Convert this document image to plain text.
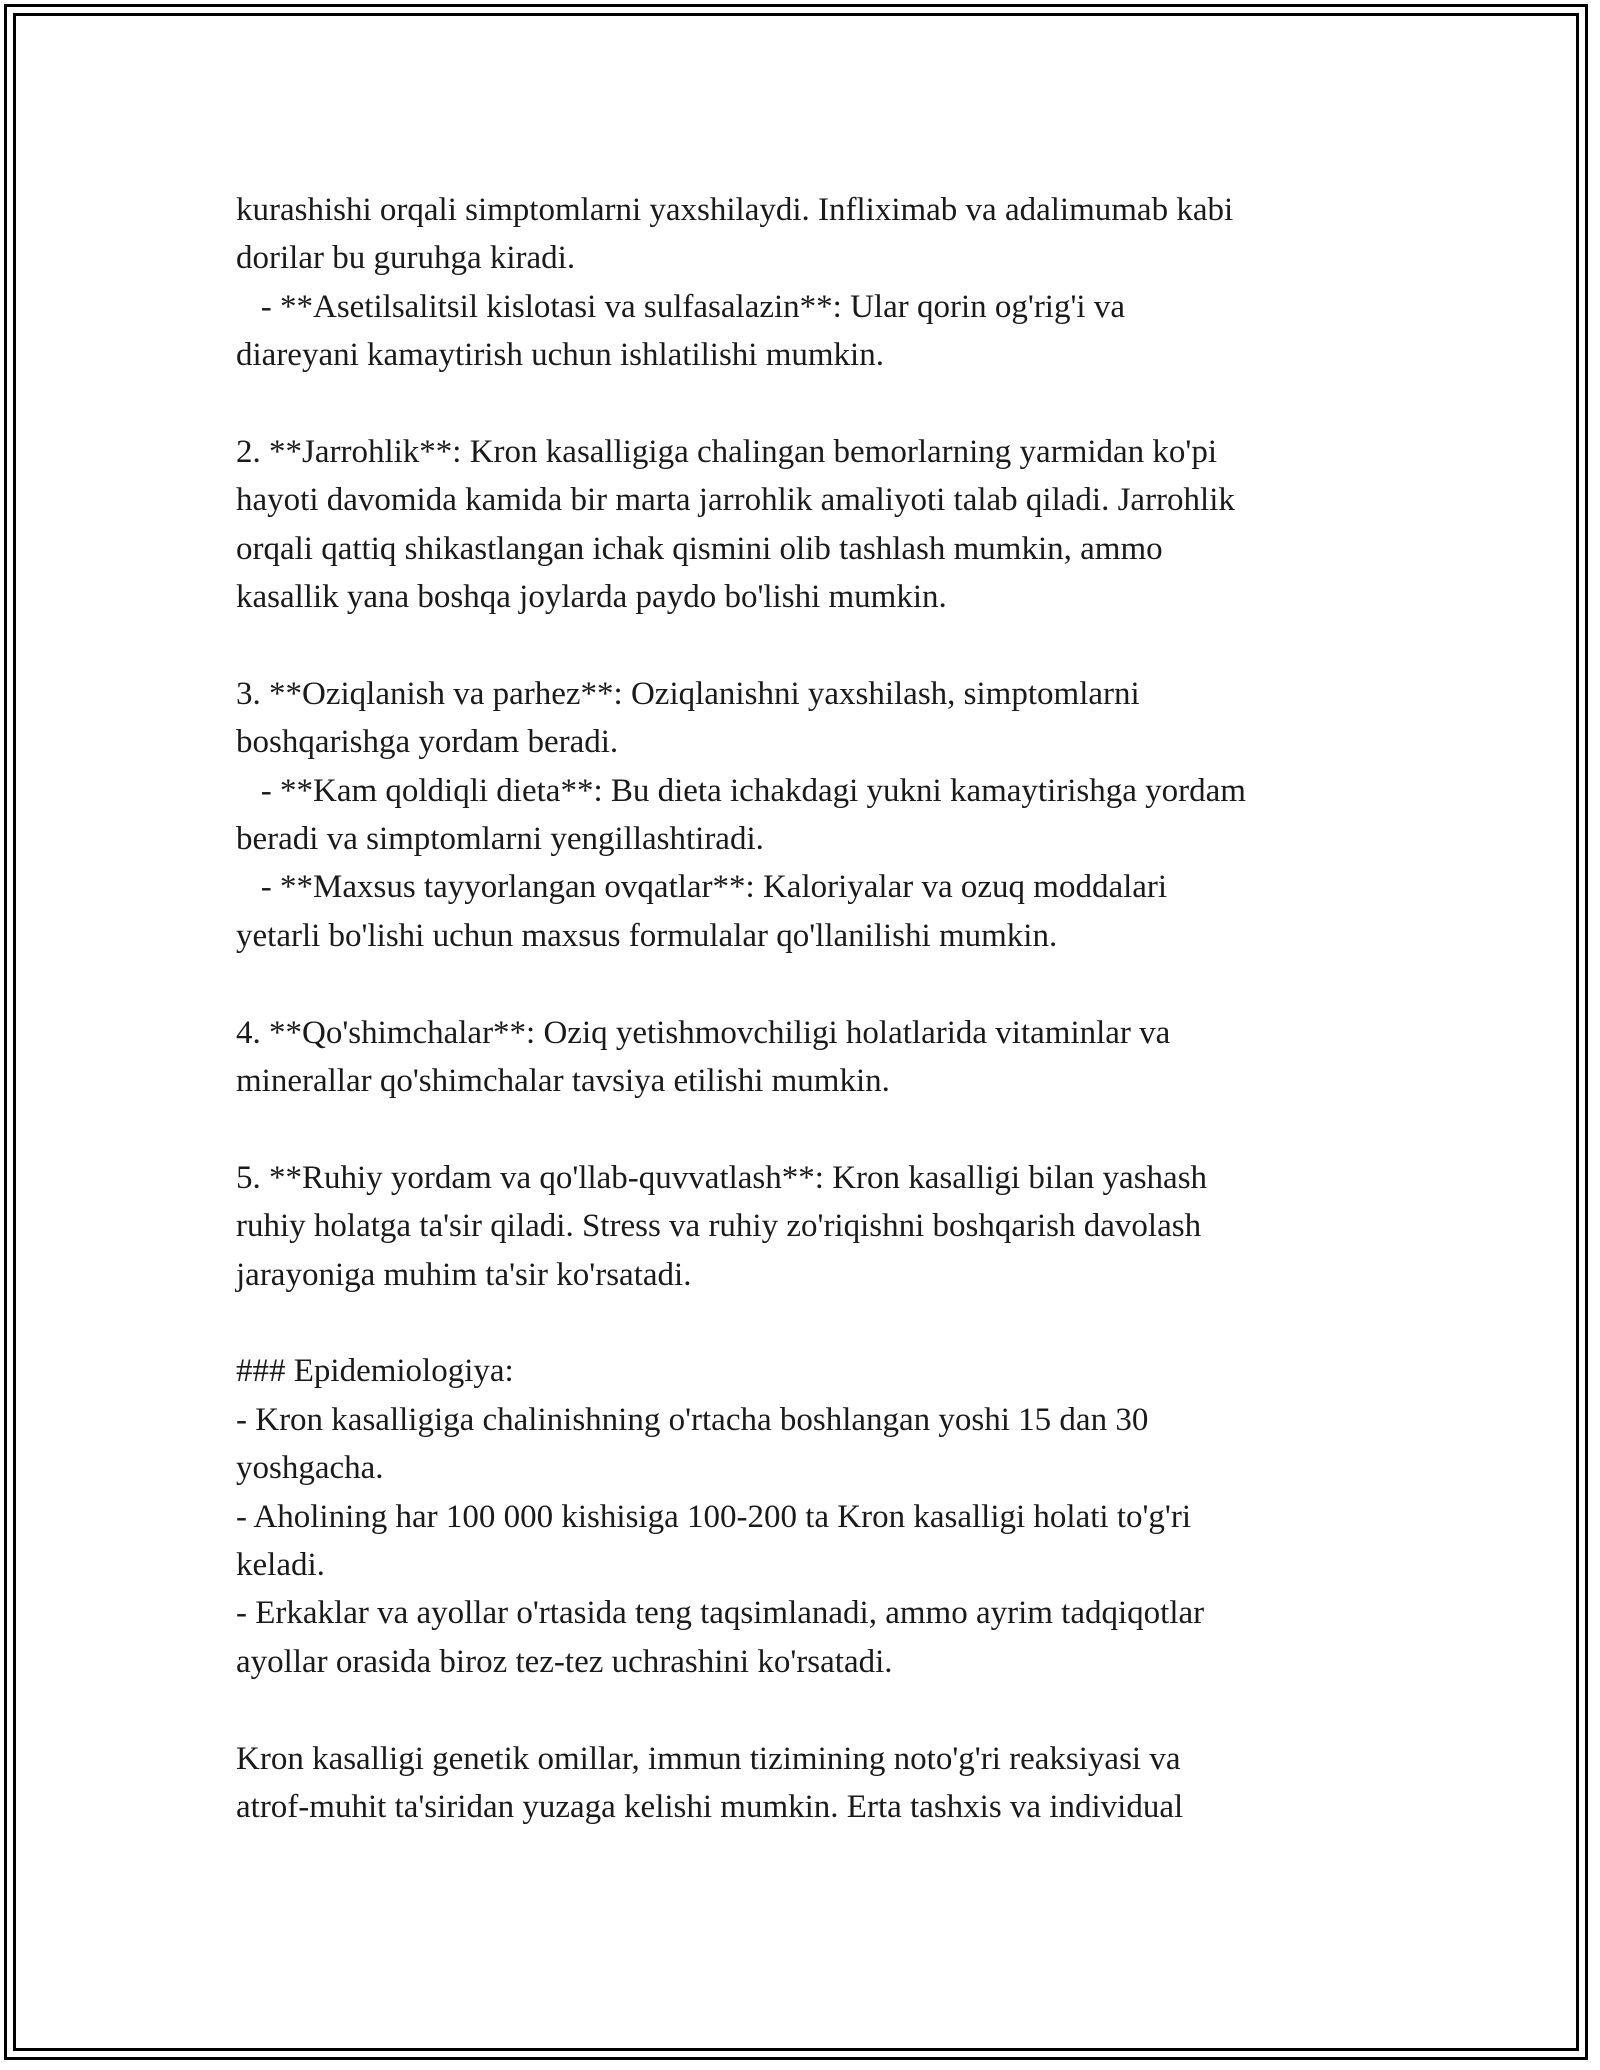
kurashishi orqali simptomlarni yaxshilaydi. Infliximab va adalimumab kabi
dorilar bu guruhga kiradi.
- **Asetilsalitsil kislotasi va sulfasalazin**: Ular qorin og'rig'i va
diareyani kamaytirish uchun ishlatilishi mumkin.
2. **Jarrohlik**: Kron kasalligiga chalingan bemorlarning yarmidan ko'pi
hayoti davomida kamida bir marta jarrohlik amaliyoti talab qiladi. Jarrohlik
orqali qattiq shikastlangan ichak qismini olib tashlash mumkin, ammo
kasallik yana boshqa joylarda paydo bo'lishi mumkin.
3. **Oziqlanish va parhez**: Oziqlanishni yaxshilash, simptomlarni
boshqarishga yordam beradi.
- **Kam qoldiqli dieta**: Bu dieta ichakdagi yukni kamaytirishga yordam
beradi va simptomlarni yengillashtiradi.
- **Maxsus tayyorlangan ovqatlar**: Kaloriyalar va ozuq moddalari
yetarli bo'lishi uchun maxsus formulalar qo'llanilishi mumkin.
4. **Qo'shimchalar**: Oziq yetishmovchiligi holatlarida vitaminlar va
minerallar qo'shimchalar tavsiya etilishi mumkin.
5. **Ruhiy yordam va qo'llab-quvvatlash**: Kron kasalligi bilan yashash
ruhiy holatga ta'sir qiladi. Stress va ruhiy zo'riqishni boshqarish davolash
jarayoniga muhim ta'sir ko'rsatadi.
### Epidemiologiya:
- Kron kasalligiga chalinishning o'rtacha boshlangan yoshi 15 dan 30
yoshgacha.
- Aholining har 100 000 kishisiga 100-200 ta Kron kasalligi holati to'g'ri
keladi.
- Erkaklar va ayollar o'rtasida teng taqsimlanadi, ammo ayrim tadqiqotlar
ayollar orasida biroz tez-tez uchrashini ko'rsatadi.
Kron kasalligi genetik omillar, immun tizimining noto'g'ri reaksiyasi va
atrof-muhit ta'siridan yuzaga kelishi mumkin. Erta tashxis va individual
